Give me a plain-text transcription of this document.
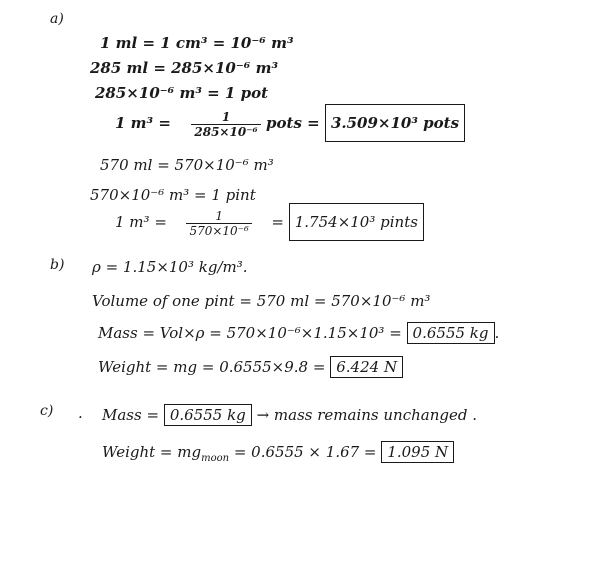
a)
1 ml = 1 cm³ = 10⁻⁶ m³
285 ml = 285×10⁻⁶ m³
285×10⁻⁶ m³ = 1 pot
1 $m^3 = \frac{1}{\text{285×10⁻⁶}}$ pots = 3.509×10³ pots
570 ml = 570×10⁻⁶ m³
570×10⁻⁶ m³ = 1 pint
1 $m^3 = \frac{1}{\text{570×10⁻⁶}} = 1.754\times 10^3$ pints
b) ρ = 1.15×10³ kg/m³.
Volume of one pint = 570 ml = 570×10⁻⁶ m³
Mass = Vol×ρ = 570×10⁻⁶×1.15×10³ = 0.6555 kg .
Weight = mg = 0.6555×9.8 = 6.424 N
c) . Mass = 0.6555 kg → mass remains unchanged .
Weight = $mg_{moon} = 0.6555 \times 1.67 = 1.095$ N
